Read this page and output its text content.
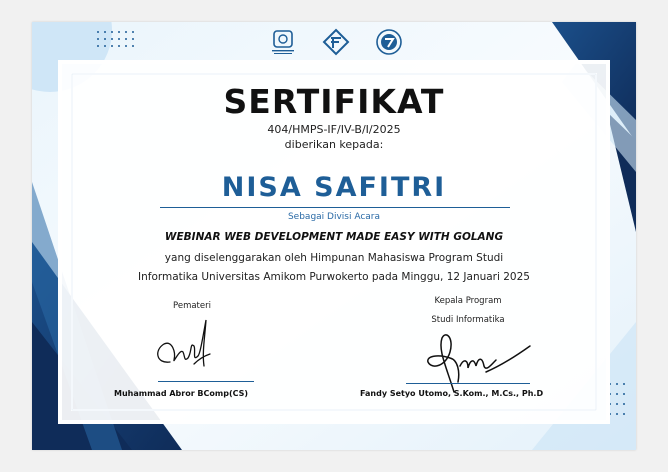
SERTIFIKAT
404/HMPS-IF/IV-B/I/2025
diberikan kepada:
NISA SAFITRI
Sebagai Divisi Acara
WEBINAR WEB DEVELOPMENT MADE EASY WITH GOLANG
yang diselenggarakan oleh Himpunan Mahasiswa Program Studi
Informatika Universitas Amikom Purwokerto pada Minggu, 12 Januari 2025
Pemateri
Muhammad Abror BComp(CS)
Kepala Program
Studi Informatika
Fandy Setyo Utomo, S.Kom., M.Cs., Ph.D
